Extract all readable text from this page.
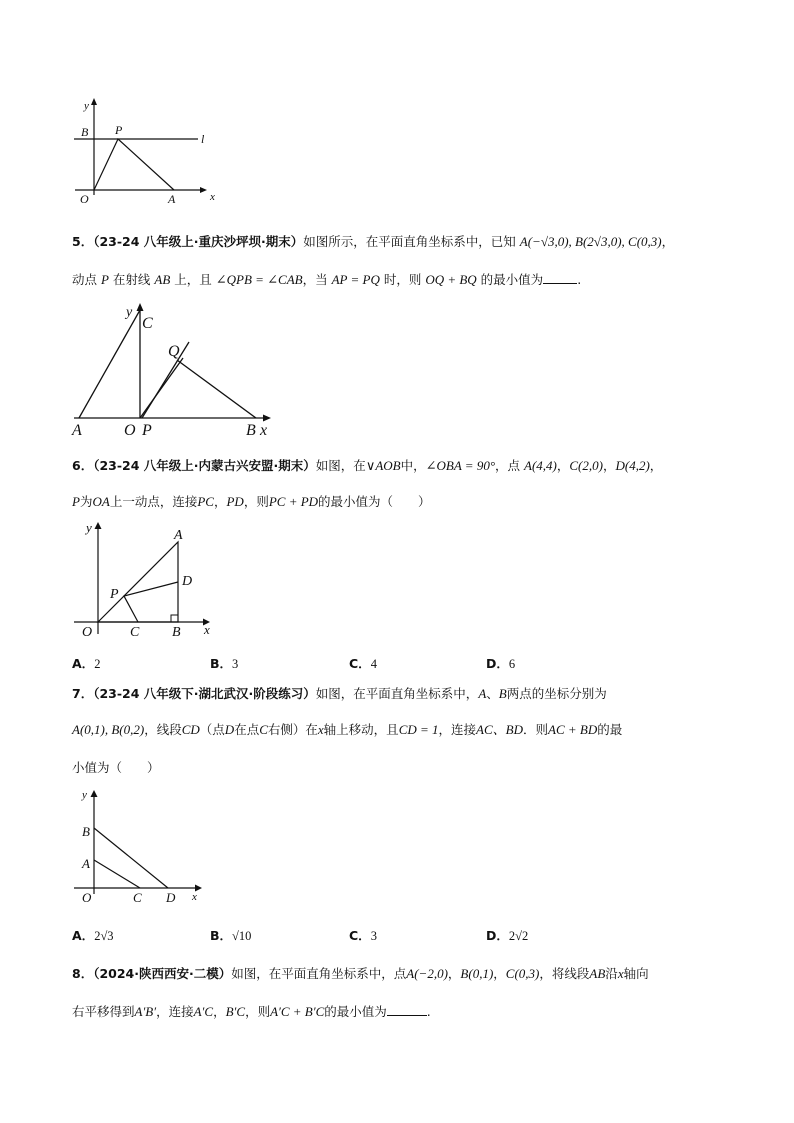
y
x
O	A
B P
l
5．（23-24 八年级上·重庆沙坪坝·期末）如图所示，在平面直角坐标系中，已知 A(−√3,0), B(2√3,0), C(0,3)，
动点 P 在射线 AB 上，且 ∠QPB = ∠CAB，当 AP = PQ 时，则 OQ + BQ 的最小值为	.
y
C
Q
A	O P	B x
6．（23-24 八年级上·内蒙古兴安盟·期末）如图，在∨AOB中，∠OBA = 90°，点 A(4,4)，C(2,0)，D(4,2)，
P为OA上一动点，连接PC，PD，则PC + PD的最小值为（　　）
y
A
D
P
O	C B x
A．2	B．3	C．4	D．6
7．（23-24 八年级下·湖北武汉·阶段练习）如图，在平面直角坐标系中，A、B两点的坐标分别为
A(0,1), B(0,2)，线段CD（点D在点C右侧）在x轴上移动，且CD = 1，连接AC、BD．则AC + BD的最
小值为（　　）
y
B
A
O	C D x
A．2√3	B．√10	C．3	D．2√2
8．（2024·陕西西安·二模）如图，在平面直角坐标系中，点A(−2,0)，B(0,1)，C(0,3)，将线段AB沿x轴向
右平移得到A′B′，连接A′C，B′C，则A′C + B′C的最小值为	.
